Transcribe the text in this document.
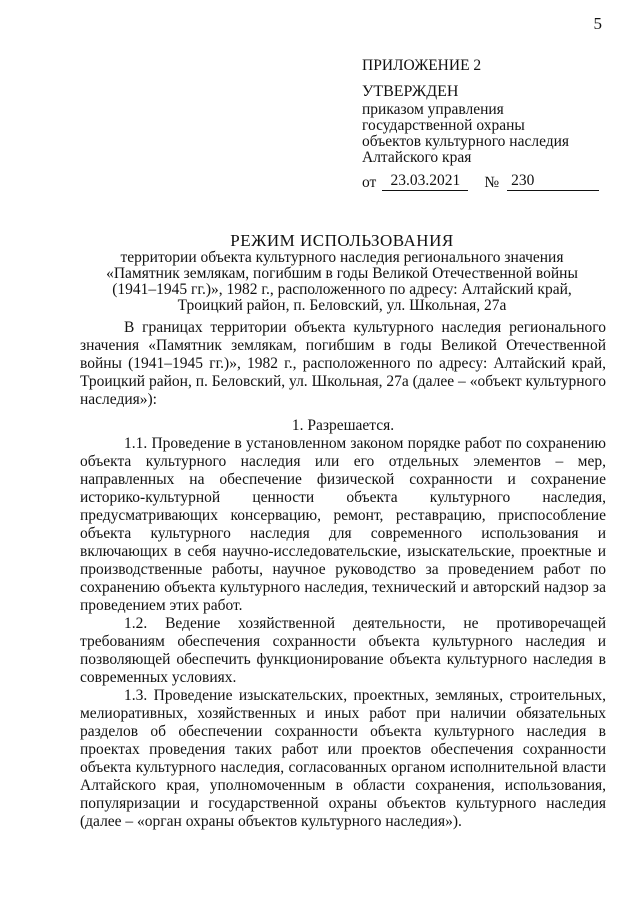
5
ПРИЛОЖЕНИЕ 2
УТВЕРЖДЕН
приказом управления
государственной охраны
объектов культурного наследия
Алтайского края
от 23.03.2021	№ 230
РЕЖИМ ИСПОЛЬЗОВАНИЯ
территории объекта культурного наследия регионального значения
«Памятник землякам, погибшим в годы Великой Отечественной войны
(1941–1945 гг.)», 1982 г., расположенного по адресу: Алтайский край,
Троицкий район, п. Беловский, ул. Школьная, 27а

В границах территории объекта культурного наследия регионального значения «Памятник землякам, погибшим в годы Великой Отечественной войны (1941–1945 гг.)», 1982 г., расположенного по адресу: Алтайский край, Троицкий район, п. Беловский, ул. Школьная, 27а (далее – «объект культурного наследия»):

1. Разрешается.

1.1. Проведение в установленном законом порядке работ по сохранению объекта культурного наследия или его отдельных элементов – мер, направленных на обеспечение физической сохранности и сохранение историко-культурной ценности объекта культурного наследия, предусматривающих консервацию, ремонт, реставрацию, приспособление объекта культурного наследия для современного использования и включающих в себя научно-исследовательские, изыскательские, проектные и производственные работы, научное руководство за проведением работ по сохранению объекта культурного наследия, технический и авторский надзор за проведением этих работ.

1.2. Ведение хозяйственной деятельности, не противоречащей требованиям обеспечения сохранности объекта культурного наследия и позволяющей обеспечить функционирование объекта культурного наследия в современных условиях.

1.3. Проведение изыскательских, проектных, земляных, строительных, мелиоративных, хозяйственных и иных работ при наличии обязательных разделов об обеспечении сохранности объекта культурного наследия в проектах проведения таких работ или проектов обеспечения сохранности объекта культурного наследия, согласованных органом исполнительной власти Алтайского края, уполномоченным в области сохранения, использования, популяризации и государственной охраны объектов культурного наследия (далее – «орган охраны объектов культурного наследия»).
